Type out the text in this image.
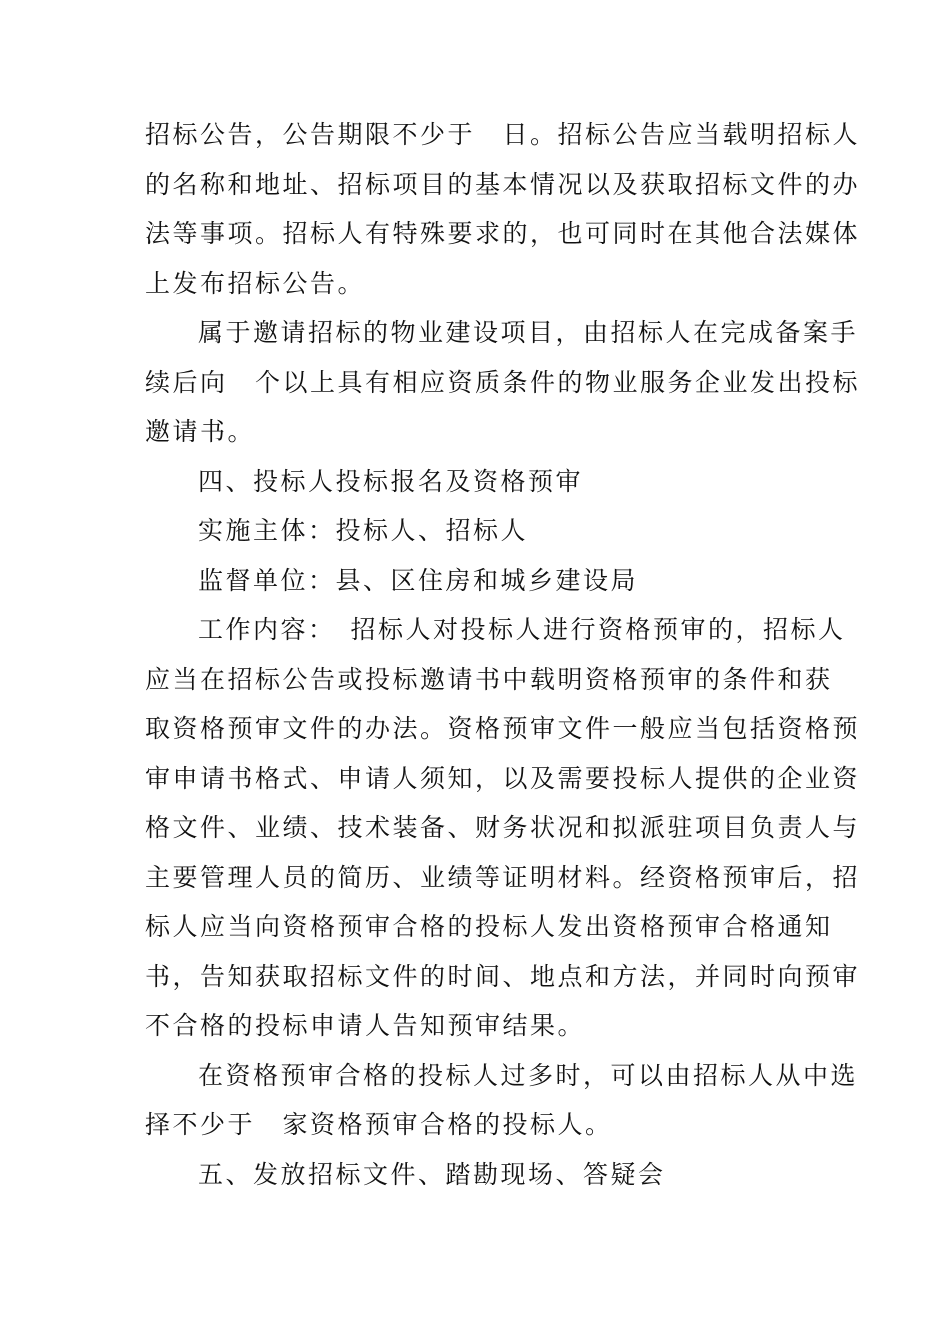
招标公告，公告期限不少于　日。招标公告应当载明招标人
的名称和地址、招标项目的基本情况以及获取招标文件的办
法等事项。招标人有特殊要求的，也可同时在其他合法媒体
上发布招标公告。
属于邀请招标的物业建设项目，由招标人在完成备案手
续后向　个以上具有相应资质条件的物业服务企业发出投标
邀请书。
四、投标人投标报名及资格预审
实施主体：投标人、招标人
监督单位：县、区住房和城乡建设局
工作内容：　招标人对投标人进行资格预审的，招标人
应当在招标公告或投标邀请书中载明资格预审的条件和获
取资格预审文件的办法。资格预审文件一般应当包括资格预
审申请书格式、申请人须知，以及需要投标人提供的企业资
格文件、业绩、技术装备、财务状况和拟派驻项目负责人与
主要管理人员的简历、业绩等证明材料。经资格预审后，招
标人应当向资格预审合格的投标人发出资格预审合格通知
书，告知获取招标文件的时间、地点和方法，并同时向预审
不合格的投标申请人告知预审结果。
在资格预审合格的投标人过多时，可以由招标人从中选
择不少于　家资格预审合格的投标人。
五、发放招标文件、踏勘现场、答疑会
